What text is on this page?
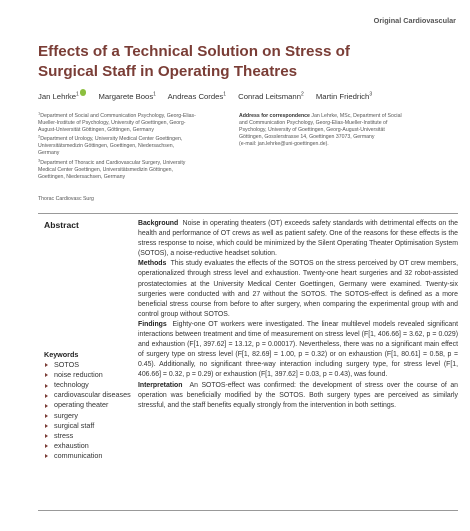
Original Cardiovascular
Effects of a Technical Solution on Stress of
Surgical Staff in Operating Theatres
Jan Lehrke$^1$	Margarete Boos$^1$ Andreas Cordes$^1$ Conrad Leitsmann$^2$ Martin Friedrich$^3$
$^1$Department of Social and Communication Psychology, Georg-Elias-
Mueller-Institute of Psychology, University of Goettingen, Georg-
August-Universität Göttingen, Göttingen, Germany
$^2$Department of Urology, University Medical Center Goettingen,
Universitätsmedizin Göttingen, Goettingen, Niedersachsen,
Germany
$^3$Department of Thoracic and Cardiovascular Surgery, University
Medical Center Goettingen, Universitätsmedizin Göttingen,
Goettingen, Niedersachsen, Germany
Address for correspondence Jan Lehrke, MSc, Department of Social
and Communication Psychology, Georg-Elias-Mueller-Institute of
Psychology, University of Goettingen, Georg-August-Universität
Göttingen, Gosslerstrasse 14, Goettingen 37073, Germany
(e-mail: jan.lehrke@uni-goettingen.de).
Thorac Cardiovasc Surg
Abstract	Background Noise in operating theaters (OT) exceeds safety standards with detrimental effects on the health and performance of OT crews as well as patient safety. One of the reasons for these effects is the stress response to noise, which could be minimized by the Silent Operating Theater Optimisation System (SOTOS), a noise-reductive headset solution.

Methods This study evaluates the effects of the SOTOS on the stress perceived by OT crew members, operationalized through stress level and exhaustion. Twenty-one heart surgeries and 32 robot-assisted prostatectomies at the University Medical Center Goettingen, Germany were examined. Twenty-six surgeries were conducted with and 27 without the SOTOS. The SOTOS-effect is defined as a more beneficial stress course from before to after surgery, when comparing the experimental group with and control group without SOTOS.

Findings Eighty-one OT workers were investigated. The linear multilevel models revealed significant interactions between treatment and time of measurement on stress level (F[1, 406.66] = 3.62, p = 0.029) and exhaustion (F[1, 397.62] = 13.12, p = 0.00017). Nevertheless, there was no a significant main effect of surgery type on stress level (F[1, 82.69] = 1.00, p = 0.32) or on exhaustion (F[1, 80.61] = 0.58, p = 0.45). Additionally, no significant three-way interaction including surgery type, for stress level (F[1, 406.66] = 0.32, p = 0.29) or exhaustion (F[1, 397.62] = 0.03, p = 0.43), was found.

Interpretation An SOTOS-effect was confirmed: the development of stress over the course of an operation was beneficially modified by the SOTOS. Both surgery types are perceived as similarly stressful, and the staff benefits equally strongly from the intervention in both settings.

Keywords
SOTOS
noise reduction
technology
cardiovascular diseases
operating theater
surgery
surgical staff
stress
exhaustion
communication
